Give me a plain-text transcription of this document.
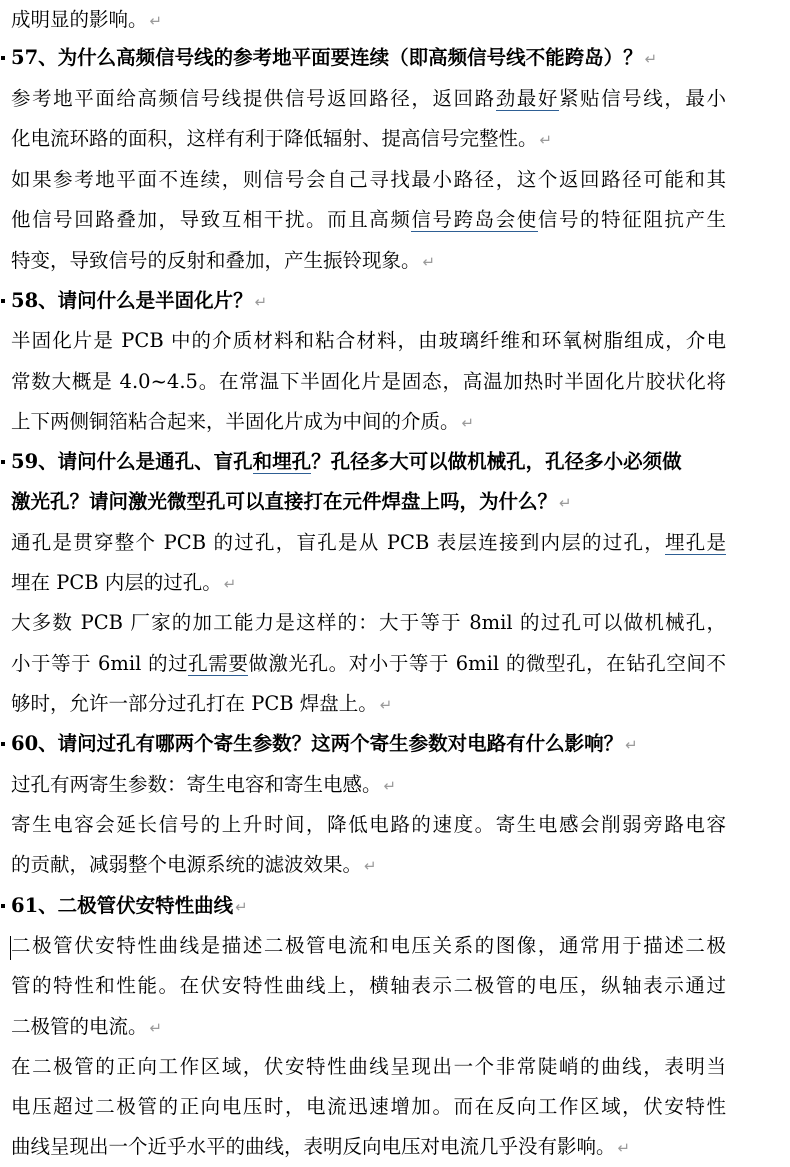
成明显的影响。 ↵
57、为什么高频信号线的参考地平面要连续（即高频信号线不能跨岛）？ ↵
参考地平面给高频信号线提供信号返回路径，返回路劲最好紧贴信号线，最小
化电流环路的面积，这样有利于降低辐射、提高信号完整性。 ↵
如果参考地平面不连续，则信号会自己寻找最小路径，这个返回路径可能和其
他信号回路叠加，导致互相干扰。而且高频信号跨岛会使信号的特征阻抗产生
特变，导致信号的反射和叠加，产生振铃现象。 ↵
58、请问什么是半固化片？ ↵
半固化片是 PCB 中的介质材料和粘合材料，由玻璃纤维和环氧树脂组成，介电
常数大概是 4.0~4.5。在常温下半固化片是固态，高温加热时半固化片胶状化将
上下两侧铜箔粘合起来，半固化片成为中间的介质。 ↵
59、请问什么是通孔、盲孔和埋孔？孔径多大可以做机械孔，孔径多小必须做
激光孔？请问激光微型孔可以直接打在元件焊盘上吗，为什么？ ↵
通孔是贯穿整个 PCB 的过孔，盲孔是从 PCB 表层连接到内层的过孔，埋孔是
埋在 PCB 内层的过孔。 ↵
大多数 PCB 厂家的加工能力是这样的：大于等于 8mil 的过孔可以做机械孔，
小于等于 6mil 的过孔需要做激光孔。对小于等于 6mil 的微型孔，在钻孔空间不
够时，允许一部分过孔打在 PCB 焊盘上。 ↵
60、请问过孔有哪两个寄生参数？这两个寄生参数对电路有什么影响？ ↵
过孔有两寄生参数：寄生电容和寄生电感。 ↵
寄生电容会延长信号的上升时间，降低电路的速度。寄生电感会削弱旁路电容
的贡献，减弱整个电源系统的滤波效果。 ↵
61、二极管伏安特性曲线 ↵
二极管伏安特性曲线是描述二极管电流和电压关系的图像，通常用于描述二极
管的特性和性能。在伏安特性曲线上，横轴表示二极管的电压，纵轴表示通过
二极管的电流。 ↵
在二极管的正向工作区域，伏安特性曲线呈现出一个非常陡峭的曲线，表明当
电压超过二极管的正向电压时，电流迅速增加。而在反向工作区域，伏安特性
曲线呈现出一个近乎水平的曲线，表明反向电压对电流几乎没有影响。 ↵
